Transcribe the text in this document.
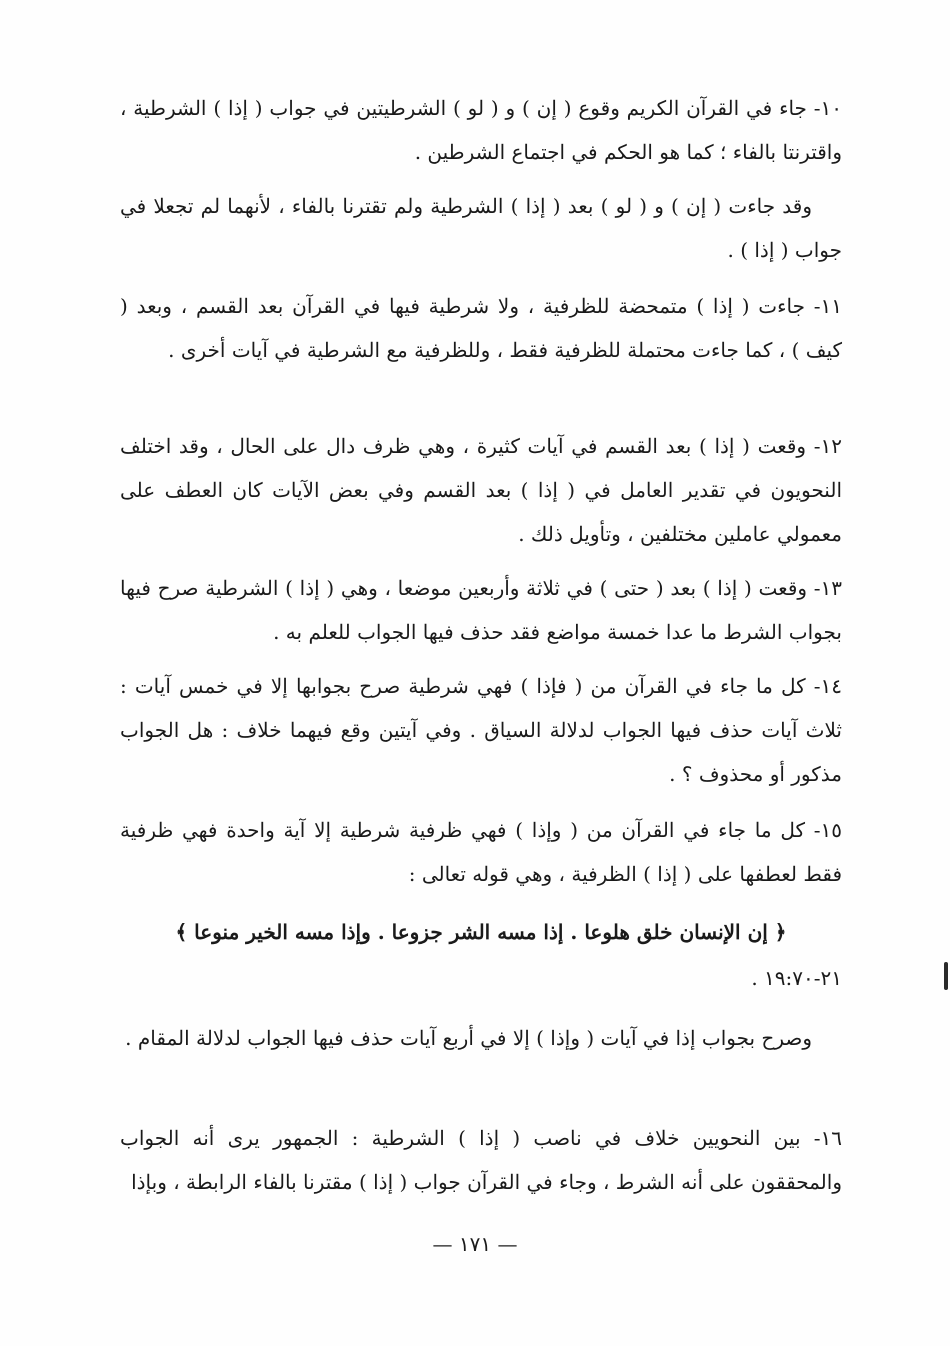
١٠- جاء في القرآن الكريم وقوع ( إن ) و ( لو ) الشرطيتين في جواب ( إذا ) الشرطية ، واقترنتا بالفاء ؛ كما هو الحكم في اجتماع الشرطين .
وقد جاءت ( إن ) و ( لو ) بعد ( إذا ) الشرطية ولم تقترنا بالفاء ، لأنهما لم تجعلا في جواب ( إذا ) .
١١- جاءت ( إذا ) متمحضة للظرفية ، ولا شرطية فيها في القرآن بعد القسم ، وبعد ( كيف ) ، كما جاءت محتملة للظرفية فقط ، وللظرفية مع الشرطية في آيات أخرى .
١٢- وقعت ( إذا ) بعد القسم في آيات كثيرة ، وهي ظرف دال على الحال ، وقد اختلف النحويون في تقدير العامل في ( إذا ) بعد القسم وفي بعض الآيات كان العطف على معمولي عاملين مختلفين ، وتأويل ذلك .
١٣- وقعت ( إذا ) بعد ( حتى ) في ثلاثة وأربعين موضعا ، وهي ( إذا ) الشرطية صرح فيها بجواب الشرط ما عدا خمسة مواضع فقد حذف فيها الجواب للعلم به .
١٤- كل ما جاء في القرآن من ( فإذا ) فهي شرطية صرح بجوابها إلا في خمس آيات : ثلاث آيات حذف فيها الجواب لدلالة السياق . وفي آيتين وقع فيهما خلاف : هل الجواب مذكور أو محذوف ؟ .
١٥- كل ما جاء في القرآن من ( وإذا ) فهي ظرفية شرطية إلا آية واحدة فهي ظرفية فقط لعطفها على ( إذا ) الظرفية ، وهي قوله تعالى :
﴿ إن الإنسان خلق هلوعا . إذا مسه الشر جزوعا . وإذا مسه الخير منوعا ﴾
٢١-١٩:٧٠ .
وصرح بجواب إذا في آيات ( وإذا ) إلا في أربع آيات حذف فيها الجواب لدلالة المقام .
١٦- بين النحويين خلاف في ناصب ( إذا ) الشرطية : الجمهور يرى أنه الجواب والمحققون على أنه الشرط ، وجاء في القرآن جواب ( إذا ) مقترنا بالفاء الرابطة ، وبإذا
— ١٧١ —
